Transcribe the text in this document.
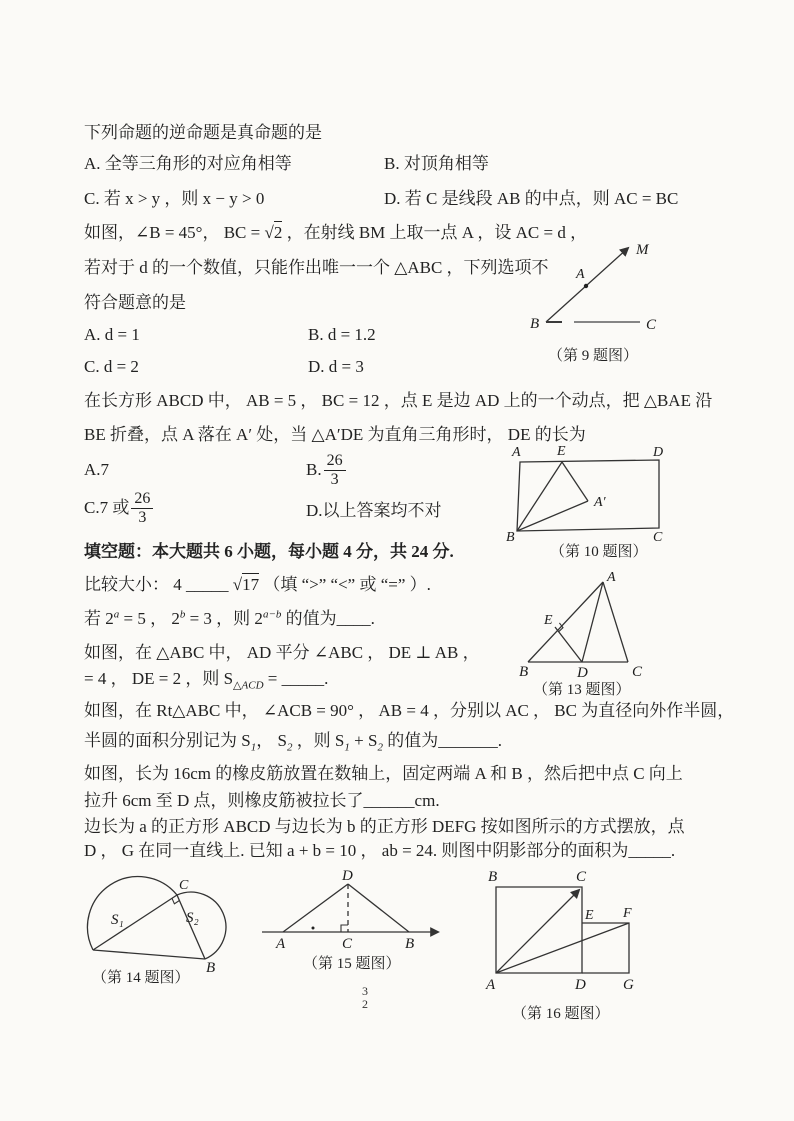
下列命题的逆命题是真命题的是
A. 全等三角形的对应角相等	B. 对顶角相等
C. 若 x > y ，则 x − y > 0	D. 若 C 是线段 AB 的中点，则 AC = BC
如图，∠B = 45°， BC = √2 ，在射线 BM 上取一点 A ，设 AC = d ，
若对于 d 的一个数值，只能作出唯一一个 △ABC ，下列选项不
符合题意的是
A. d = 1	B. d = 1.2
C. d = 2	D. d = 3
M
A
B	C
（第 9 题图）
在长方形 ABCD 中， AB = 5 ， BC = 12 ，点 E 是边 AD 上的一个动点，把 △BAE 沿
BE 折叠，点 A 落在 A′ 处，当 △A′DE 为直角三角形时， DE 的长为
A.7	B. $\frac{26}{3}$
C.7 或 $\frac{26}{3}$	D.以上答案均不对
A	E	D
B	C
A′
（第 10 题图）
填空题：本大题共 6 小题，每小题 4 分，共 24 分.
比较大小： 4 _____ √17 （填 “>” “<” 或 “=” ）.
若 $2^a = 5$ ， $2^b = 3$ ，则 $2^{a-b}$ 的值为____.
如图，在 △ABC 中， AD 平分 ∠ABC ， DE ⊥ AB ，
= 4 ， DE = 2 ，则 $S_{\triangle ACD}$ = _____.
A
E
B	D	C
（第 13 题图）
如图，在 Rt△ABC 中， ∠ACB = 90° ， AB = 4 ，分别以 AC ， BC 为直径向外作半圆，
半圆的面积分别记为 $S_1$， $S_2$ ，则 $S_1 + S_2$ 的值为_______.
如图，长为 16cm 的橡皮筋放置在数轴上，固定两端 A 和 B ，然后把中点 C 向上
拉升 6cm 至 D 点，则橡皮筋被拉长了______cm.
边长为 a 的正方形 ABCD 与边长为 b 的正方形 DEFG 按如图所示的方式摆放，点
D ， G 在同一直线上. 已知 a + b = 10 ， ab = 24. 则图中阴影部分的面积为_____.
S₁	S₂
C
B
（第 14 题图）
A	C	B
D
（第 15 题图）
B	C
E F
A	D G
（第 16 题图）
3
2
